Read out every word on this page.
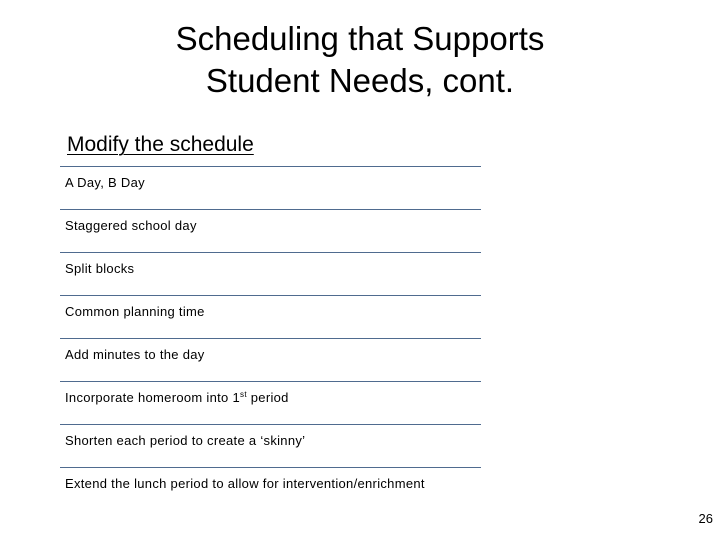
Scheduling that Supports
Student Needs, cont.
Modify the schedule
A Day, B Day
Staggered school day
Split blocks
Common planning time
Add minutes to the day
Incorporate homeroom into 1st period
Shorten each period to create a ‘skinny’
Extend the lunch period to allow for intervention/enrichment
26
